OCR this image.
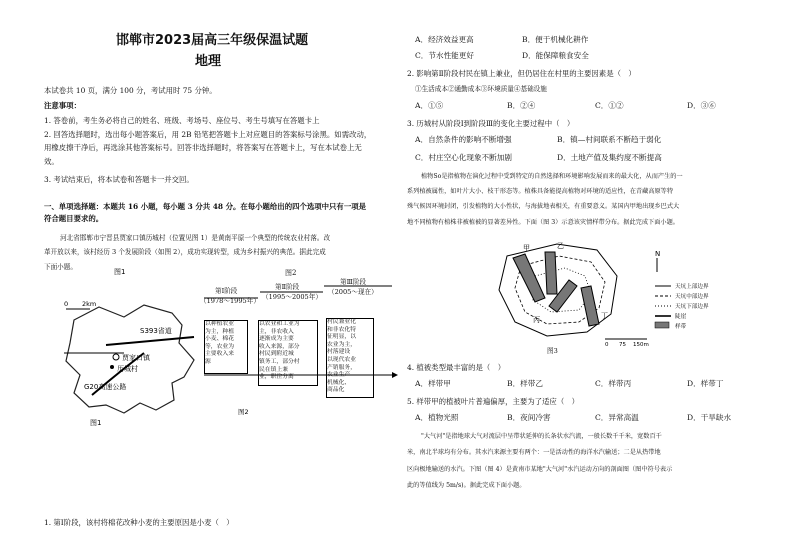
邯郸市2023届高三年级保温试题
地理
本试卷共 10 页，满分 100 分，考试用时 75 分钟。
注意事项：
1. 答卷前，考生务必将自己的姓名、班级、考场号、座位号、考生号填写在答题卡上
2. 回答选择题时，选出每小题答案后，用 2B 铅笔把答题卡上对应题目的答案标号涂黑。如需改动，
用橡皮擦干净后，再选涂其他答案标号。回答非选择题时，将答案写在答题卡上，写在本试卷上无
效。
3. 考试结束后，将本试卷和答题卡一并交回。
一、单项选择题：本题共 16 小题，每小题 3 分共 48 分。在每小题给出的四个选项中只有一项是
符合题目要求的。
河北省邯郸市宁晋县贾家口镇历城村（位置见图 1）是黄南平原一个典型的传统农业村落。改
革开放以来，该村经历 3 个发展阶段（如图 2），成功实现转型，成为乡村振兴的典范。据此完成
下面小题。
图1
0 2km
S393省道
贾家口镇
历城村
G20高速公路
图1
图2
图2
第Ⅰ阶段
（1978～1995年）
以种植农业
为主，种植
小麦、棉花
等，农业为
主要收入来
源
第Ⅱ阶段
（1995～2005年）
以农业和工业为
主，非农收入
逐渐成为主要
收入来源，部分
村民到附近城
镇务工，部分村
民在镇上兼
业，职住分离
第Ⅲ阶段
（2005～现在）
村民兼业化
和非农化特
征明显，以
农业为主，
村落建设
以现代农业
产销服务，
农业生产
机械化、
商品化
1. 第Ⅰ阶段，该村将棉花改种小麦的主要原因是小麦（　）
A．经济效益更高	B．便于机械化耕作
C．节水性能更好	D．能保障粮食安全
2. 影响第Ⅱ阶段村民在镇上兼业，但仍居住在村里的主要因素是（　）
①生活成本②通勤成本③环境质量④基础设施
A．①⑤	B．②④	C．①②	D．③⑥
3. 历城村从阶段Ⅰ到阶段Ⅲ的变化主要过程中（　）
A．自然条件的影响不断增强	B．镇—村间联系不断趋于弱化
C．村庄空心化现象不断加剧	D．土地产值及集约度不断提高
植物So是指植物在演化过程中受到特定的自然选择和环境影响发展而来的最大化，从而产生的一
系列植被属性，如叶片大小、枝干形态等。植株具备能提高植物对环境的适应性，在青藏高原等特
殊气候因环境封闭，引发植物的大小性状，与海拔地表相关，有重要意义。某国内甲地出现乡巴式大
地不同植物有植株非被植被的显著差异性。下面（图 3）示意该灾情样带分布。据此完成下面小题。
甲	乙
丙	丁
0 75 150m
N
天坑上部边界
天坑中部边界
天坑下部边界
陡崖
样带
图3
4. 植被类型最丰富的是（　）
A．样带甲	B．样带乙	C．样带丙	D．样带丁
5. 样带甲的植被叶片普遍偏厚，主要为了适应（　）
A．植物光照	B．夜间冷害	C．异常高温	D．干旱缺水
"大气河"是指地球大气对流层中呈带状延伸的长条状水汽流，一般长数千千米，宽数百千
米，南北半球均有分布。其水汽来源主要有两个：一是活动性的海洋水汽输送；二是从热带地
区向极地输送的水汽。下图（图 4）是黄南市某地"大气河"水汽运动方向的剖面图（图中符号表示
此的等值线为 5m/s)。据此完成下面小题。
